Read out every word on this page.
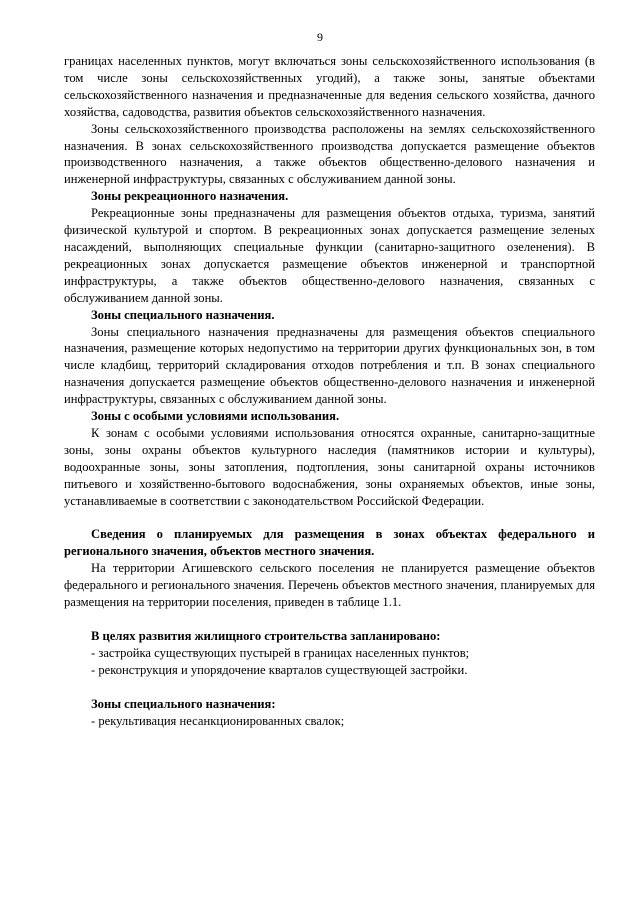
9

границах населенных пунктов, могут включаться зоны сельскохозяйственного использования (в том числе зоны сельскохозяйственных угодий), а также зоны, занятые объектами сельскохозяйственного назначения и предназначенные для ведения сельского хозяйства, дачного хозяйства, садоводства, развития объектов сельскохозяйственного назначения.

Зоны сельскохозяйственного производства расположены на землях сельскохозяйственного назначения. В зонах сельскохозяйственного производства допускается размещение объектов производственного назначения, а также объектов общественно-делового назначения и инженерной инфраструктуры, связанных с обслуживанием данной зоны.

Зоны рекреационного назначения.

Рекреационные зоны предназначены для размещения объектов отдыха, туризма, занятий физической культурой и спортом. В рекреационных зонах допускается размещение зеленых насаждений, выполняющих специальные функции (санитарно-защитного озеленения). В рекреационных зонах допускается размещение объектов инженерной и транспортной инфраструктуры, а также объектов общественно-делового назначения, связанных с обслуживанием данной зоны.

Зоны специального назначения.

Зоны специального назначения предназначены для размещения объектов специального назначения, размещение которых недопустимо на территории других функциональных зон, в том числе кладбищ, территорий складирования отходов потребления и т.п. В зонах специального назначения допускается размещение объектов общественно-делового назначения и инженерной инфраструктуры, связанных с обслуживанием данной зоны.

Зоны с особыми условиями использования.

К зонам с особыми условиями использования относятся охранные, санитарно-защитные зоны, зоны охраны объектов культурного наследия (памятников истории и культуры), водоохранные зоны, зоны затопления, подтопления, зоны санитарной охраны источников питьевого и хозяйственно-бытового водоснабжения, зоны охраняемых объектов, иные зоны, устанавливаемые в соответствии с законодательством Российской Федерации.

Сведения о планируемых для размещения в зонах объектах федерального и регионального значения, объектов местного значения.

На территории Агишевского сельского поселения не планируется размещение объектов федерального и регионального значения. Перечень объектов местного значения, планируемых для размещения на территории поселения, приведен в таблице 1.1.

В целях развития жилищного строительства запланировано:

- застройка существующих пустырей в границах населенных пунктов;

- реконструкция и упорядочение кварталов существующей застройки.

Зоны специального назначения:

- рекультивация несанкционированных свалок;
